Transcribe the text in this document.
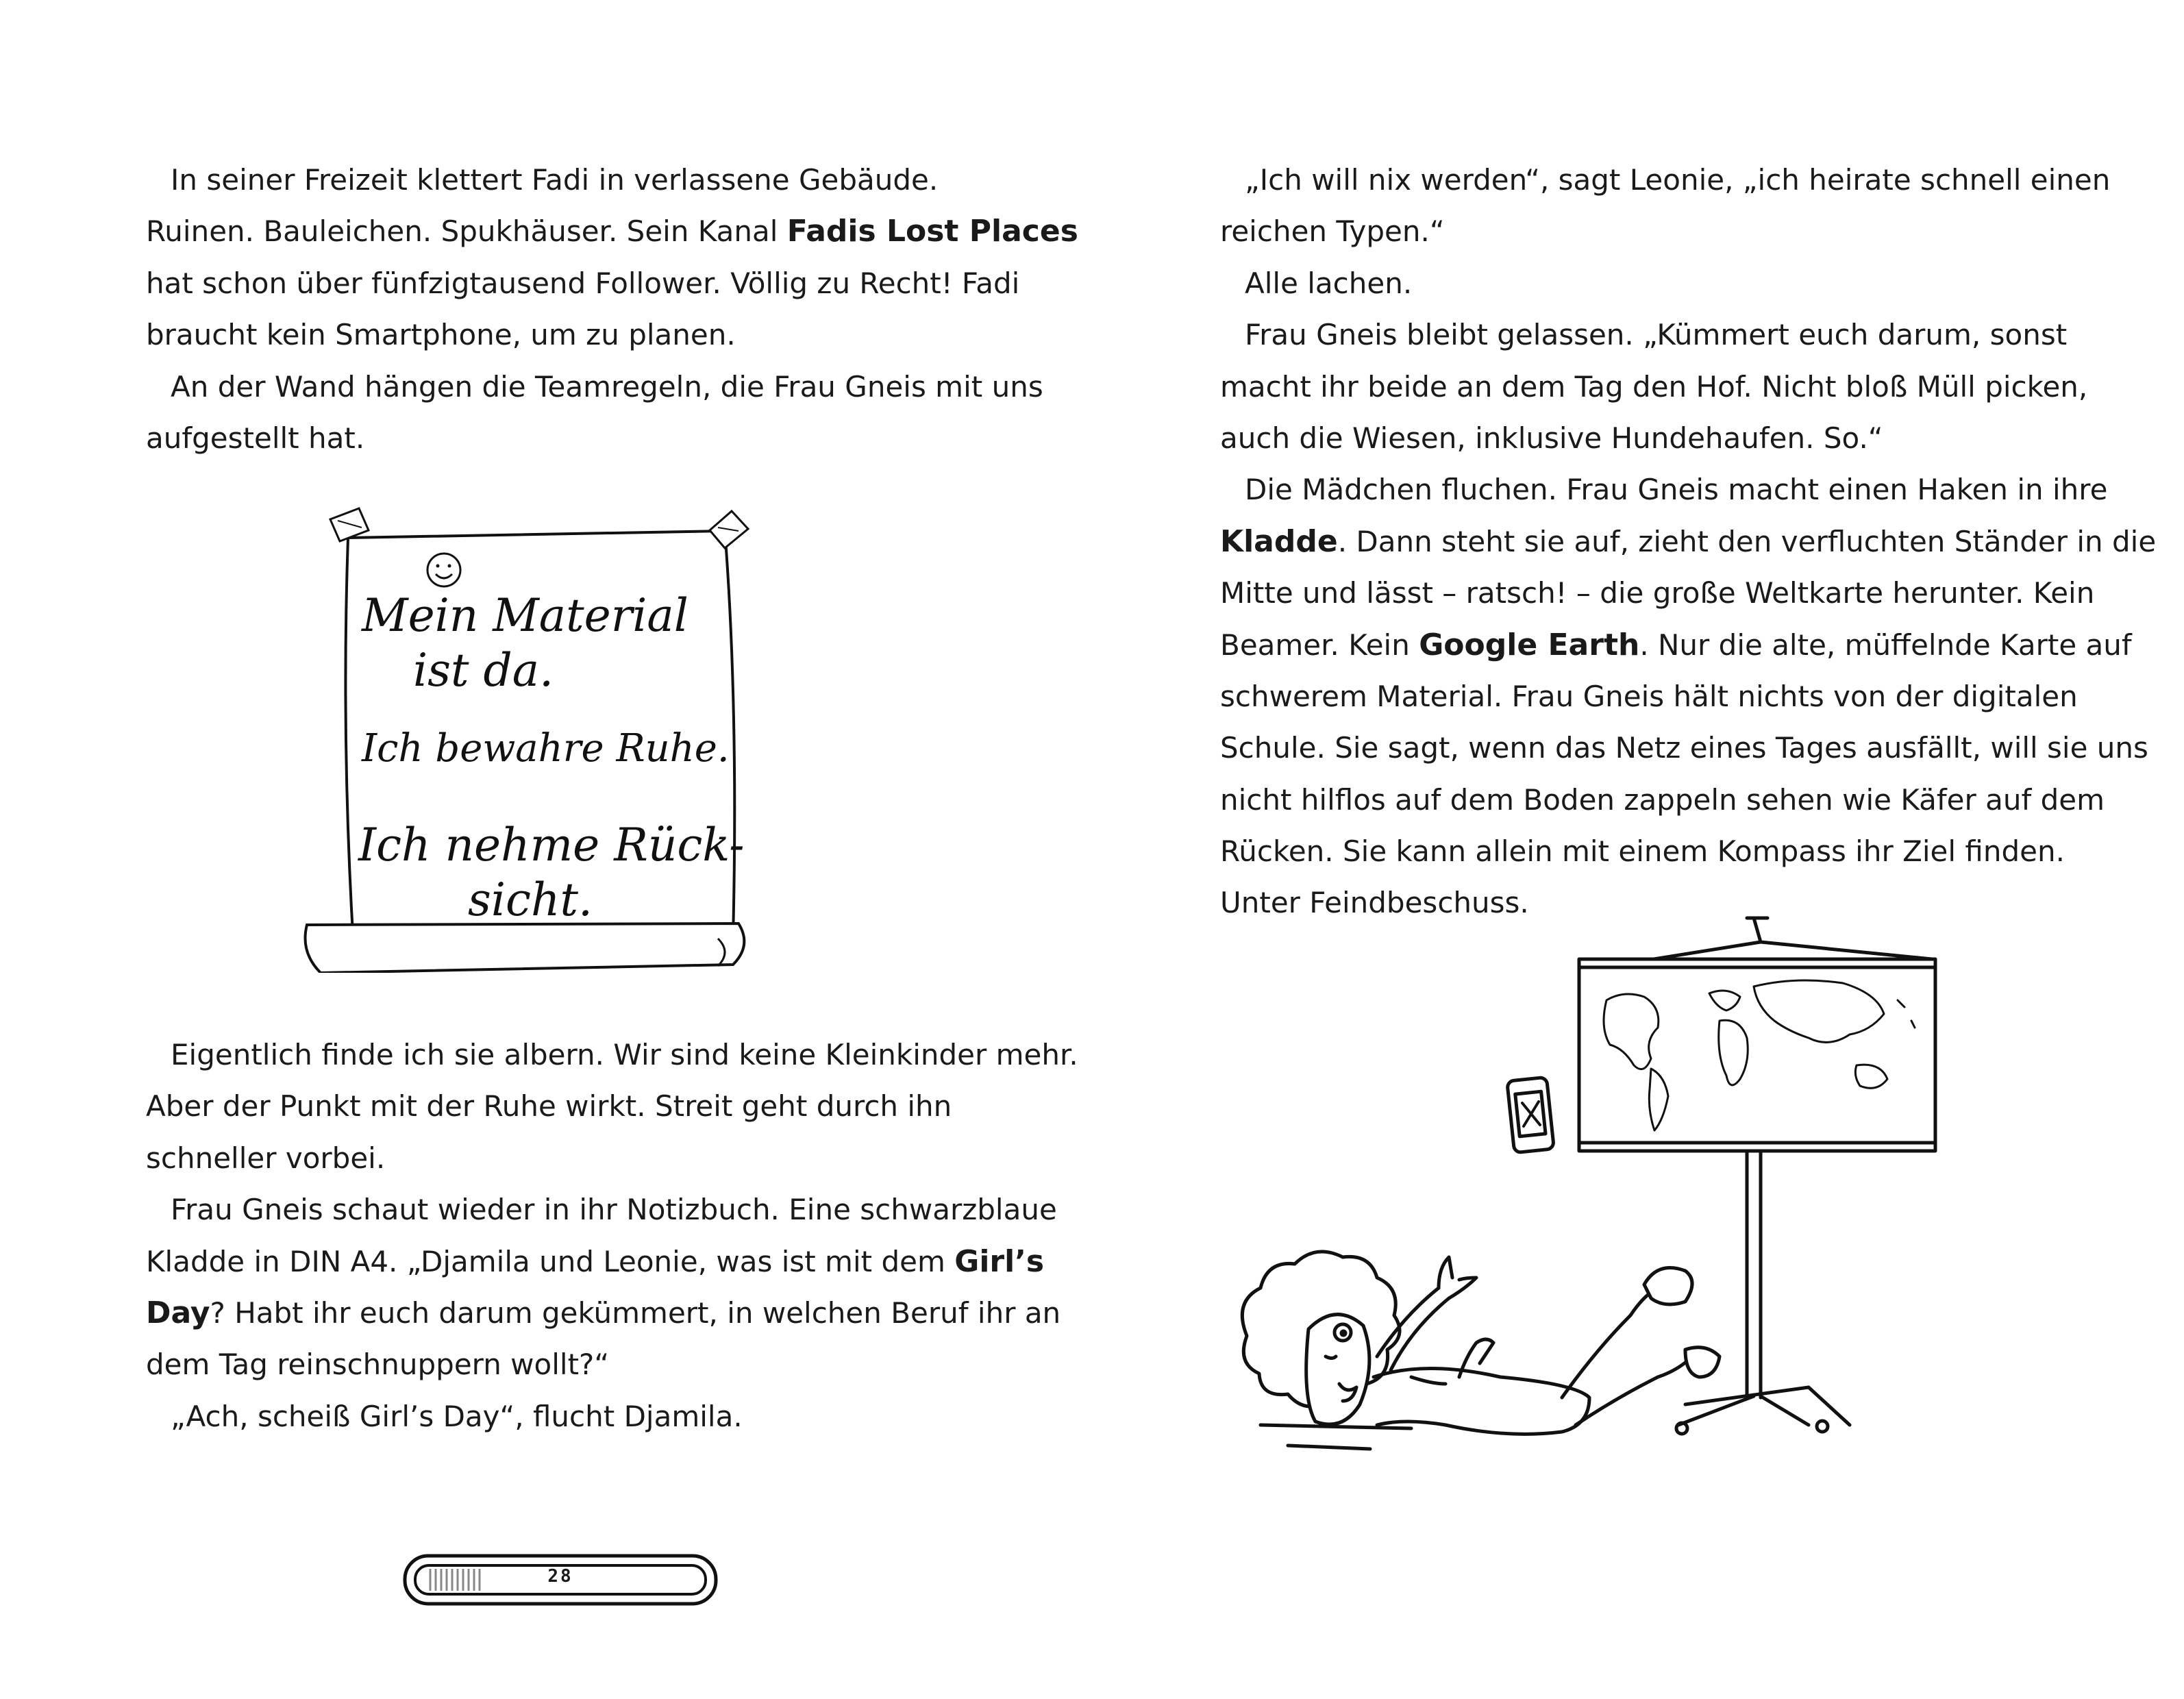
In seiner Freizeit klettert Fadi in verlassene Gebäude.
Ruinen. Bauleichen. Spukhäuser. Sein Kanal Fadis Lost Places
hat schon über fünfzigtausend Follower. Völlig zu Recht! Fadi
braucht kein Smartphone, um zu planen.
An der Wand hängen die Teamregeln, die Frau Gneis mit uns
aufgestellt hat.
Mein Material
ist da.
Ich bewahre Ruhe.
Ich nehme Rück-
sicht.
Eigentlich finde ich sie albern. Wir sind keine Kleinkinder mehr.
Aber der Punkt mit der Ruhe wirkt. Streit geht durch ihn
schneller vorbei.
Frau Gneis schaut wieder in ihr Notizbuch. Eine schwarzblaue
Kladde in DIN A4. „Djamila und Leonie, was ist mit dem Girl’s
Day? Habt ihr euch darum gekümmert, in welchen Beruf ihr an
dem Tag reinschnuppern wollt?“
„Ach, scheiß Girl’s Day“, flucht Djamila.
28
„Ich will nix werden“, sagt Leonie, „ich heirate schnell einen
reichen Typen.“
Alle lachen.
Frau Gneis bleibt gelassen. „Kümmert euch darum, sonst
macht ihr beide an dem Tag den Hof. Nicht bloß Müll picken,
auch die Wiesen, inklusive Hundehaufen. So.“
Die Mädchen fluchen. Frau Gneis macht einen Haken in ihre
Kladde. Dann steht sie auf, zieht den verfluchten Ständer in die
Mitte und lässt – ratsch! – die große Weltkarte herunter. Kein
Beamer. Kein Google Earth. Nur die alte, müffelnde Karte auf
schwerem Material. Frau Gneis hält nichts von der digitalen
Schule. Sie sagt, wenn das Netz eines Tages ausfällt, will sie uns
nicht hilflos auf dem Boden zappeln sehen wie Käfer auf dem
Rücken. Sie kann allein mit einem Kompass ihr Ziel finden.
Unter Feindbeschuss.
